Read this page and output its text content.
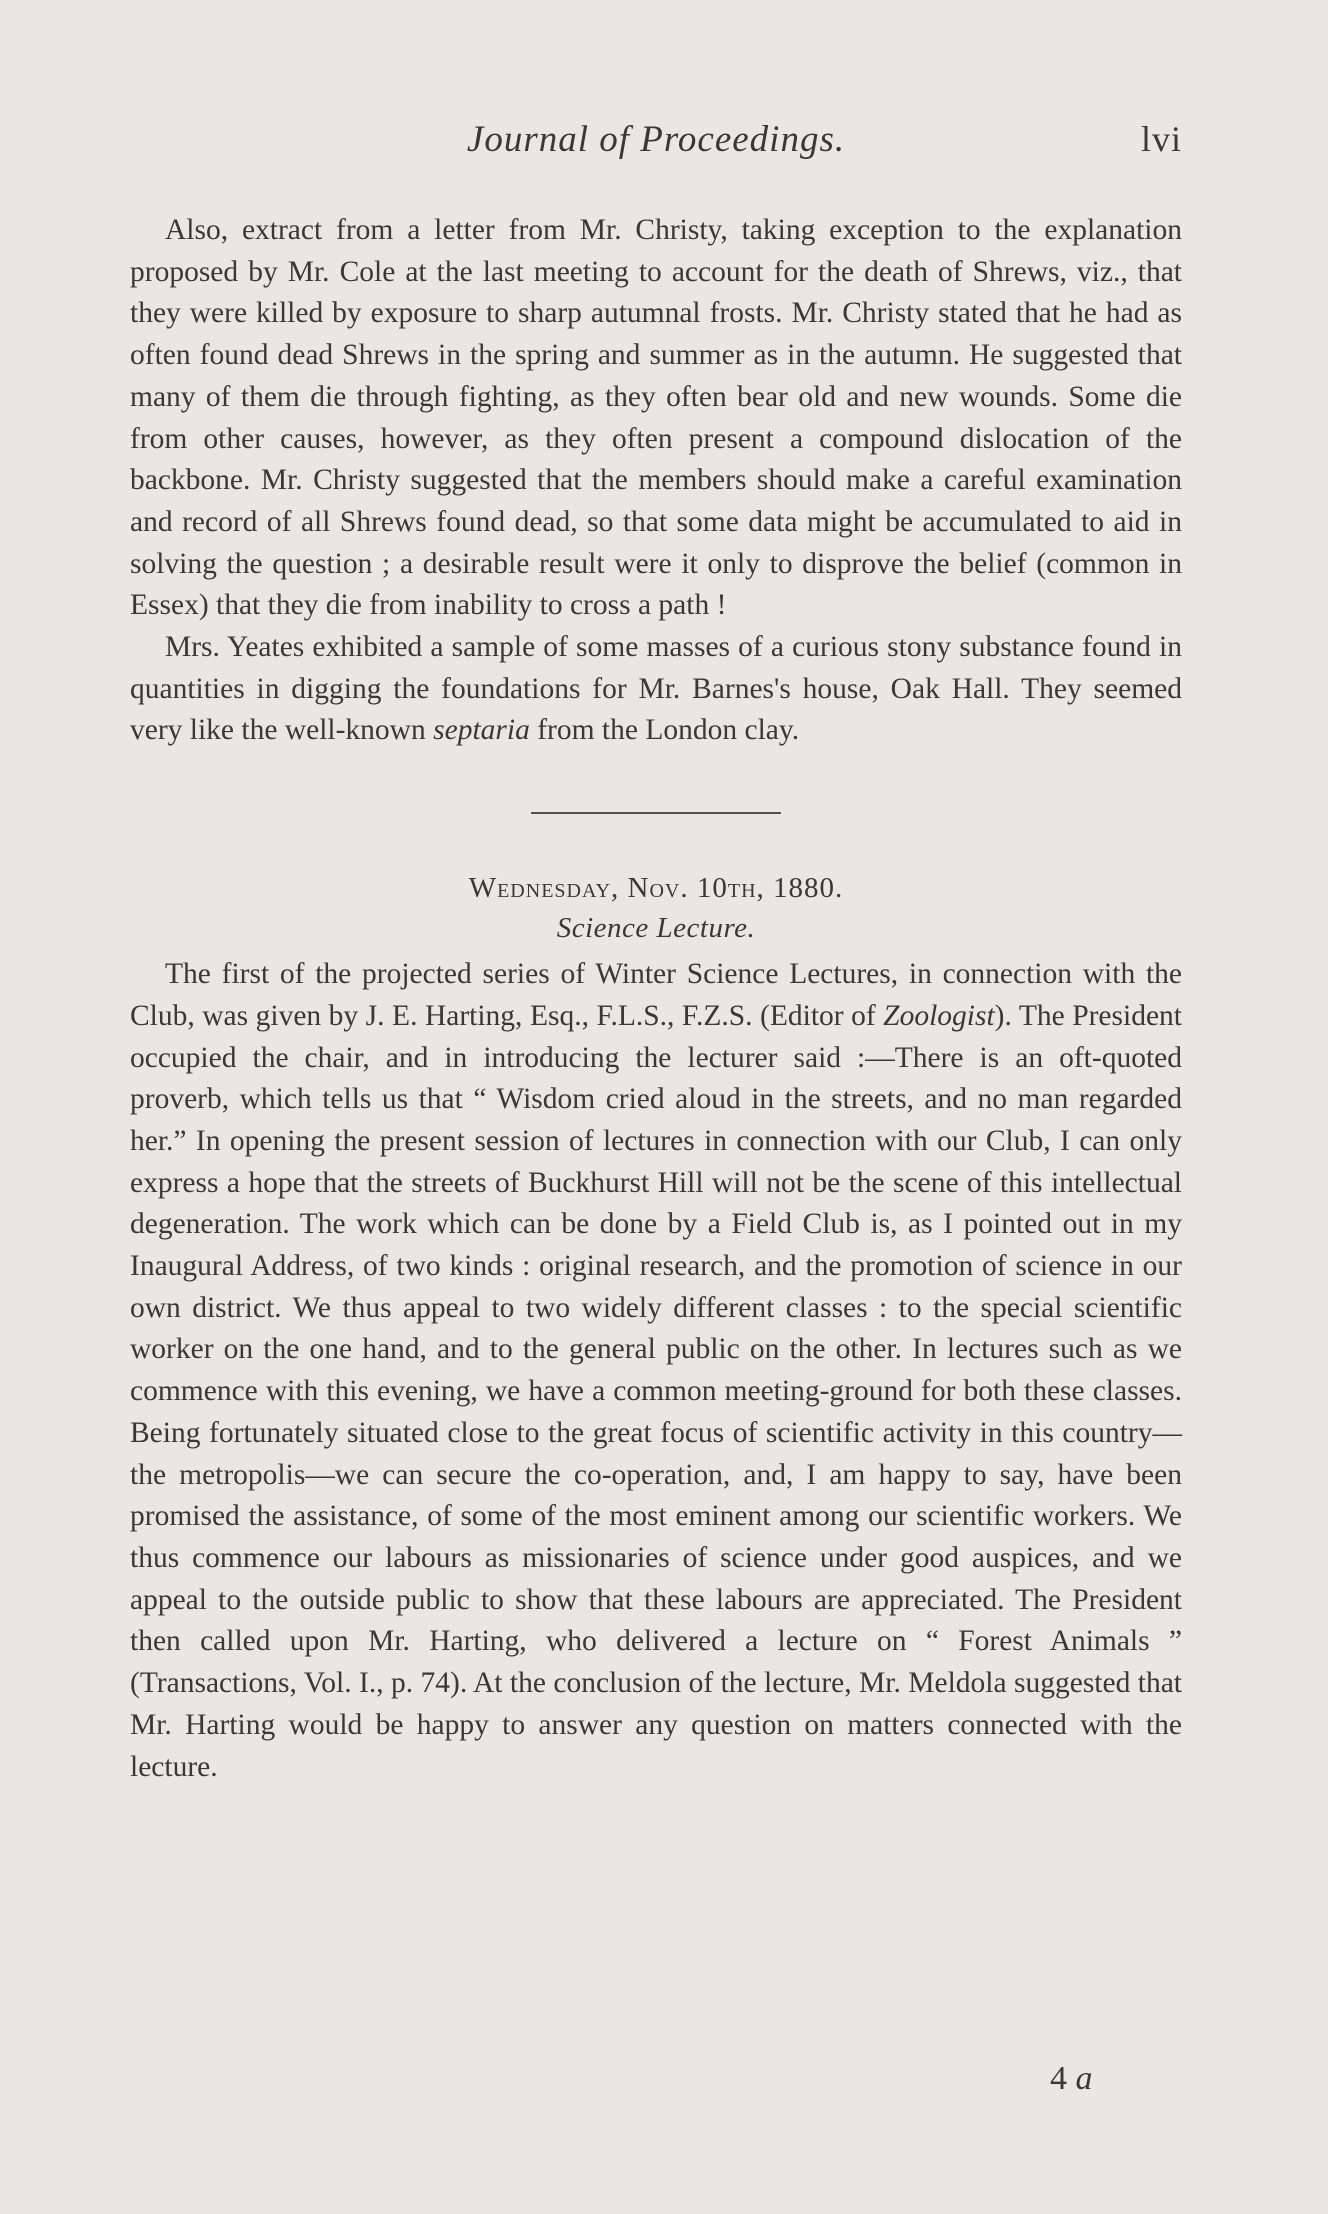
Journal of Proceedings.	lvi

Also, extract from a letter from Mr. Christy, taking exception to the explanation proposed by Mr. Cole at the last meeting to account for the death of Shrews, viz., that they were killed by exposure to sharp autumnal frosts. Mr. Christy stated that he had as often found dead Shrews in the spring and summer as in the autumn. He suggested that many of them die through fighting, as they often bear old and new wounds. Some die from other causes, however, as they often present a compound dislocation of the backbone. Mr. Christy suggested that the members should make a careful examination and record of all Shrews found dead, so that some data might be accumulated to aid in solving the question ; a desirable result were it only to disprove the belief (common in Essex) that they die from inability to cross a path !

Mrs. Yeates exhibited a sample of some masses of a curious stony substance found in quantities in digging the foundations for Mr. Barnes's house, Oak Hall. They seemed very like the well-known septaria from the London clay.

Wednesday, Nov. 10th, 1880.

Science Lecture.

The first of the projected series of Winter Science Lectures, in connection with the Club, was given by J. E. Harting, Esq., F.L.S., F.Z.S. (Editor of Zoologist). The President occupied the chair, and in introducing the lecturer said :—There is an oft-quoted proverb, which tells us that “ Wisdom cried aloud in the streets, and no man regarded her.” In opening the present session of lectures in connection with our Club, I can only express a hope that the streets of Buckhurst Hill will not be the scene of this intellectual degeneration. The work which can be done by a Field Club is, as I pointed out in my Inaugural Address, of two kinds : original research, and the promotion of science in our own district. We thus appeal to two widely different classes : to the special scientific worker on the one hand, and to the general public on the other. In lectures such as we commence with this evening, we have a common meeting-ground for both these classes. Being fortunately situated close to the great focus of scientific activity in this country—the metropolis—we can secure the co-operation, and, I am happy to say, have been promised the assistance, of some of the most eminent among our scientific workers. We thus commence our labours as missionaries of science under good auspices, and we appeal to the outside public to show that these labours are appreciated. The President then called upon Mr. Harting, who delivered a lecture on “ Forest Animals ” (Transactions, Vol. I., p. 74). At the conclusion of the lecture, Mr. Meldola suggested that Mr. Harting would be happy to answer any question on matters connected with the lecture.

4 a
